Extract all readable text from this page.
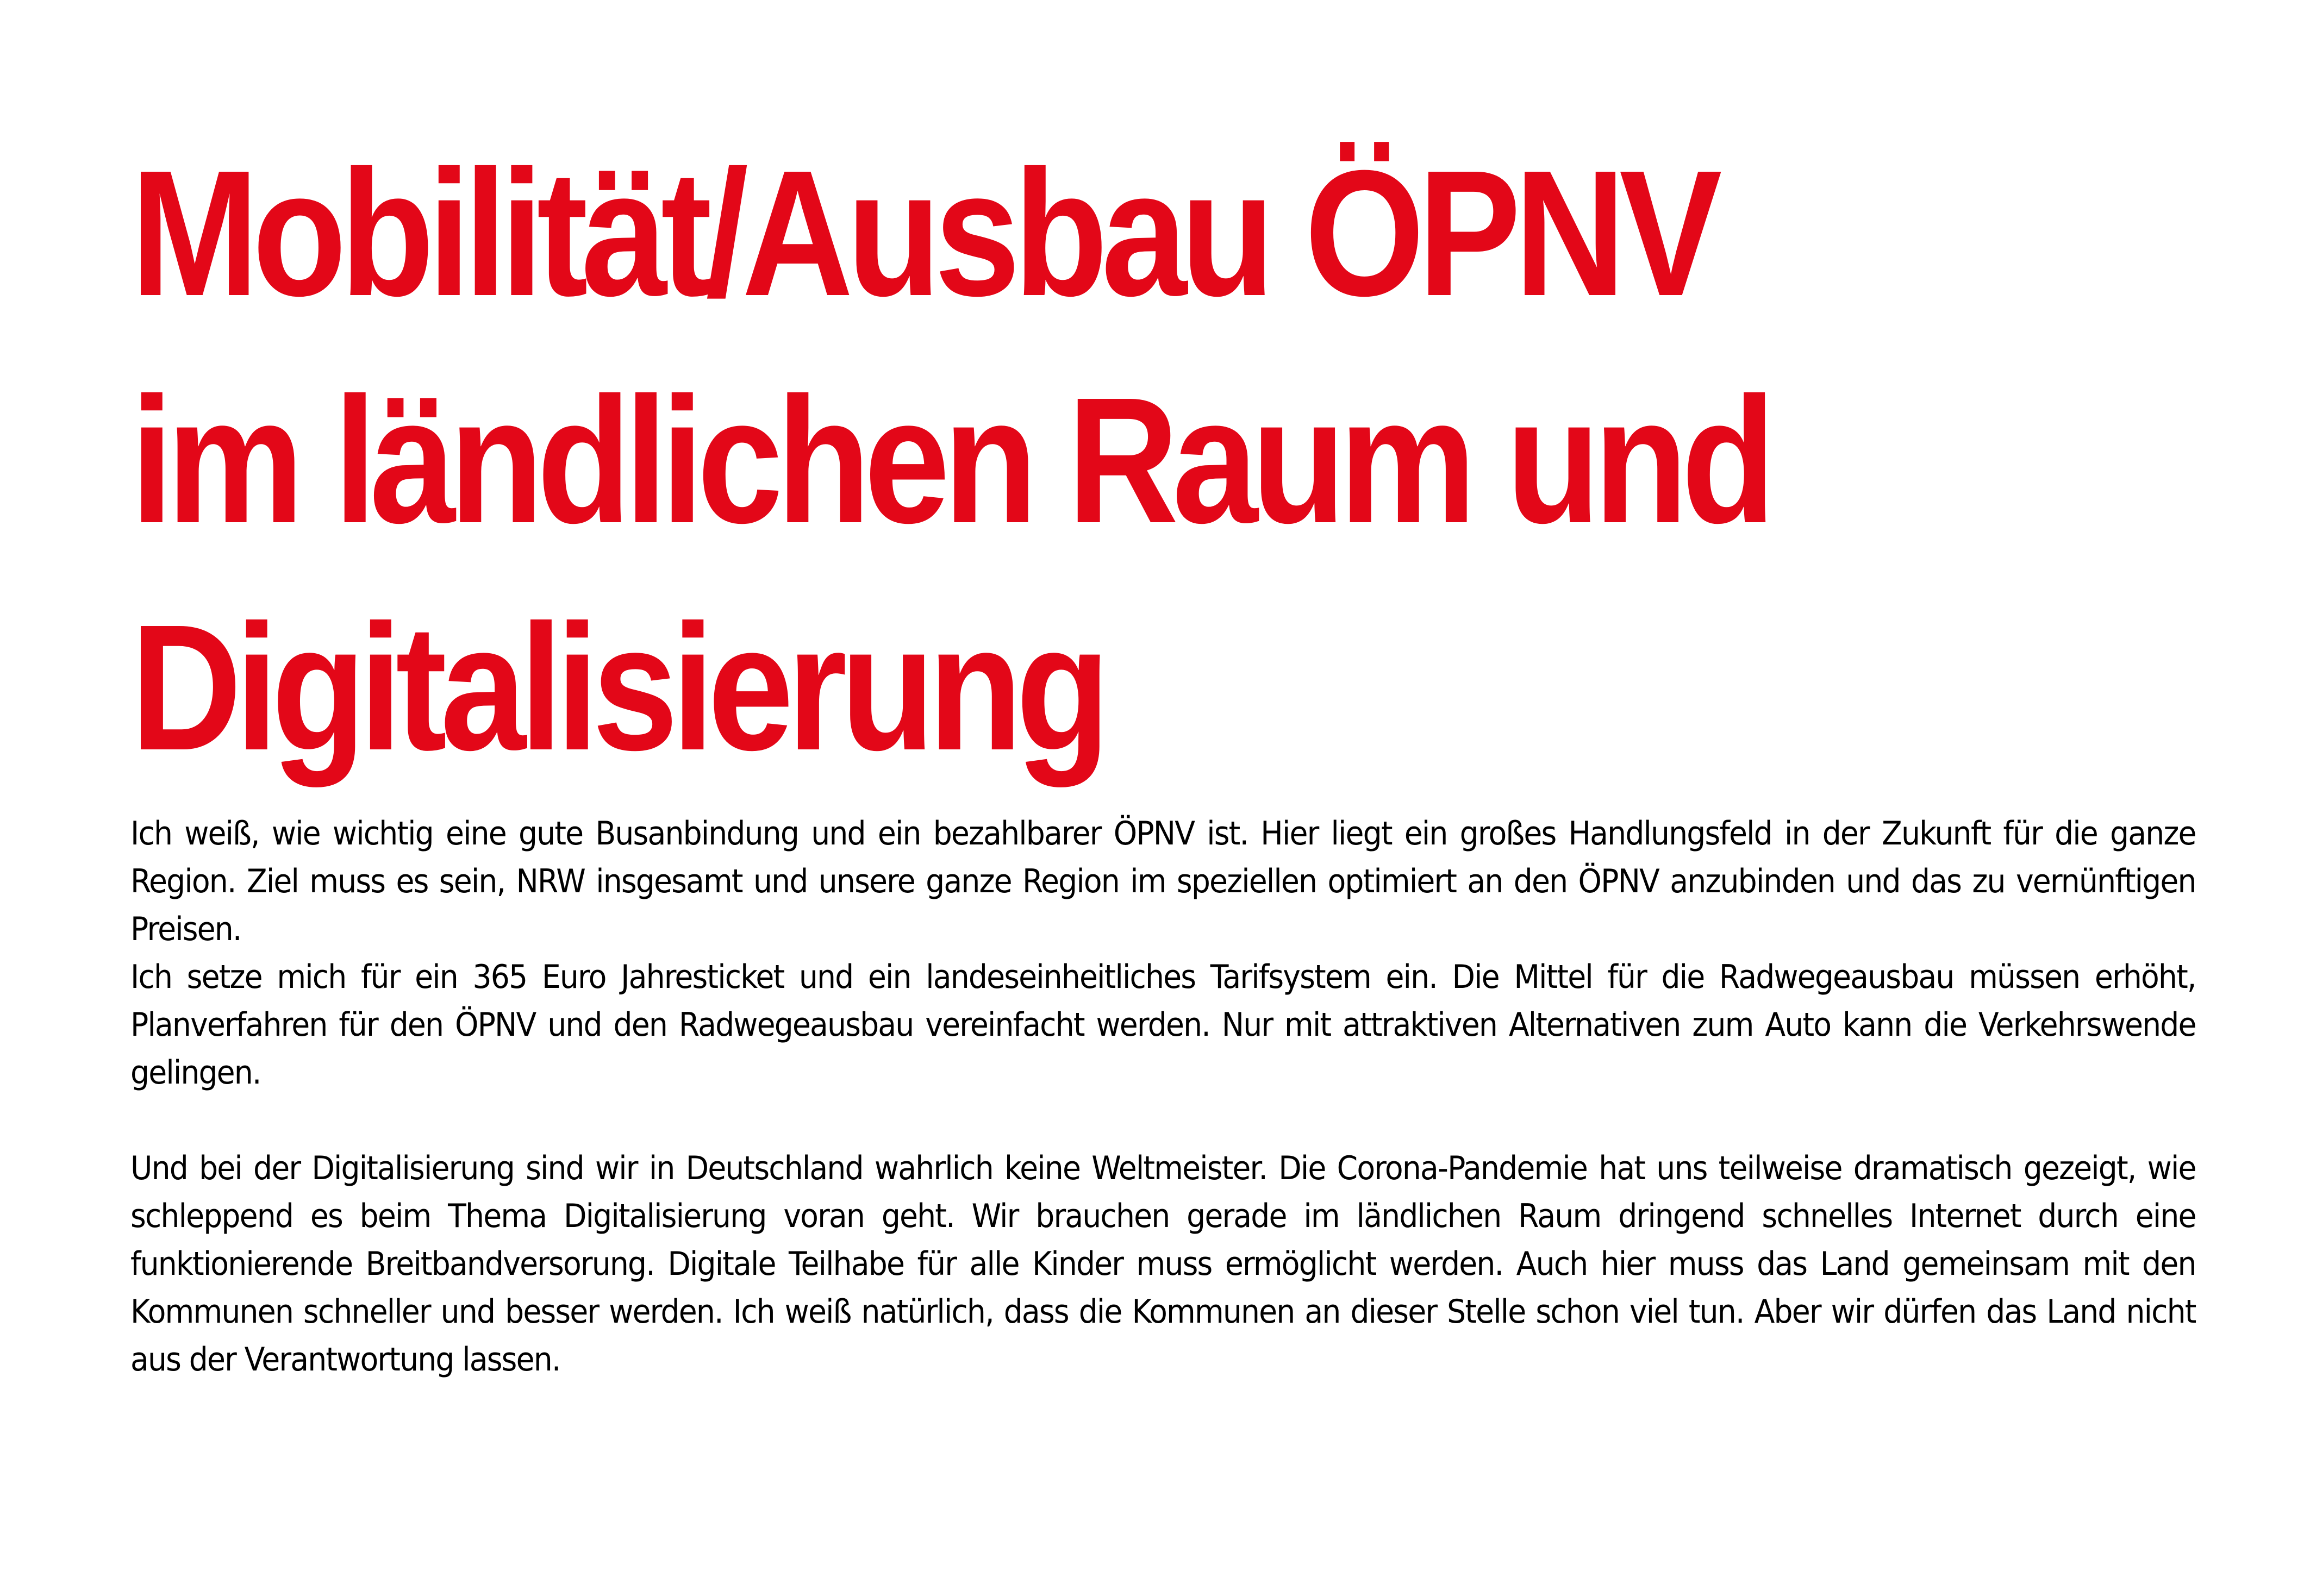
Mobilität/Ausbau ÖPNV
im ländlichen Raum und
Digitalisierung

Ich weiß, wie wichtig eine gute Busanbindung und ein bezahlbarer ÖPNV ist. Hier liegt ein großes Handlungsfeld in der Zukunft für die ganze Region. Ziel muss es sein, NRW insgesamt und unsere ganze Region im speziellen optimiert an den ÖPNV anzubinden und das zu vernünftigen Preisen.

Ich setze mich für ein 365 Euro Jahresticket und ein landeseinheitliches Tarifsystem ein. Die Mittel für die Radwegeausbau müssen erhöht, Planverfahren für den ÖPNV und den Radwegeausbau vereinfacht werden. Nur mit attraktiven Alternativen zum Auto kann die Verkehrswende gelingen.

Und bei der Digitalisierung sind wir in Deutschland wahrlich keine Weltmeister. Die Corona-Pandemie hat uns teilweise dramatisch gezeigt, wie schleppend es beim Thema Digitalisierung voran geht. Wir brauchen gerade im ländlichen Raum dringend schnelles Internet durch eine funktionierende Breitbandversorung. Digitale Teilhabe für alle Kinder muss ermöglicht werden. Auch hier muss das Land gemeinsam mit den Kommunen schneller und besser werden. Ich weiß natürlich, dass die Kommunen an dieser Stelle schon viel tun. Aber wir dürfen das Land nicht aus der Verantwortung lassen.
